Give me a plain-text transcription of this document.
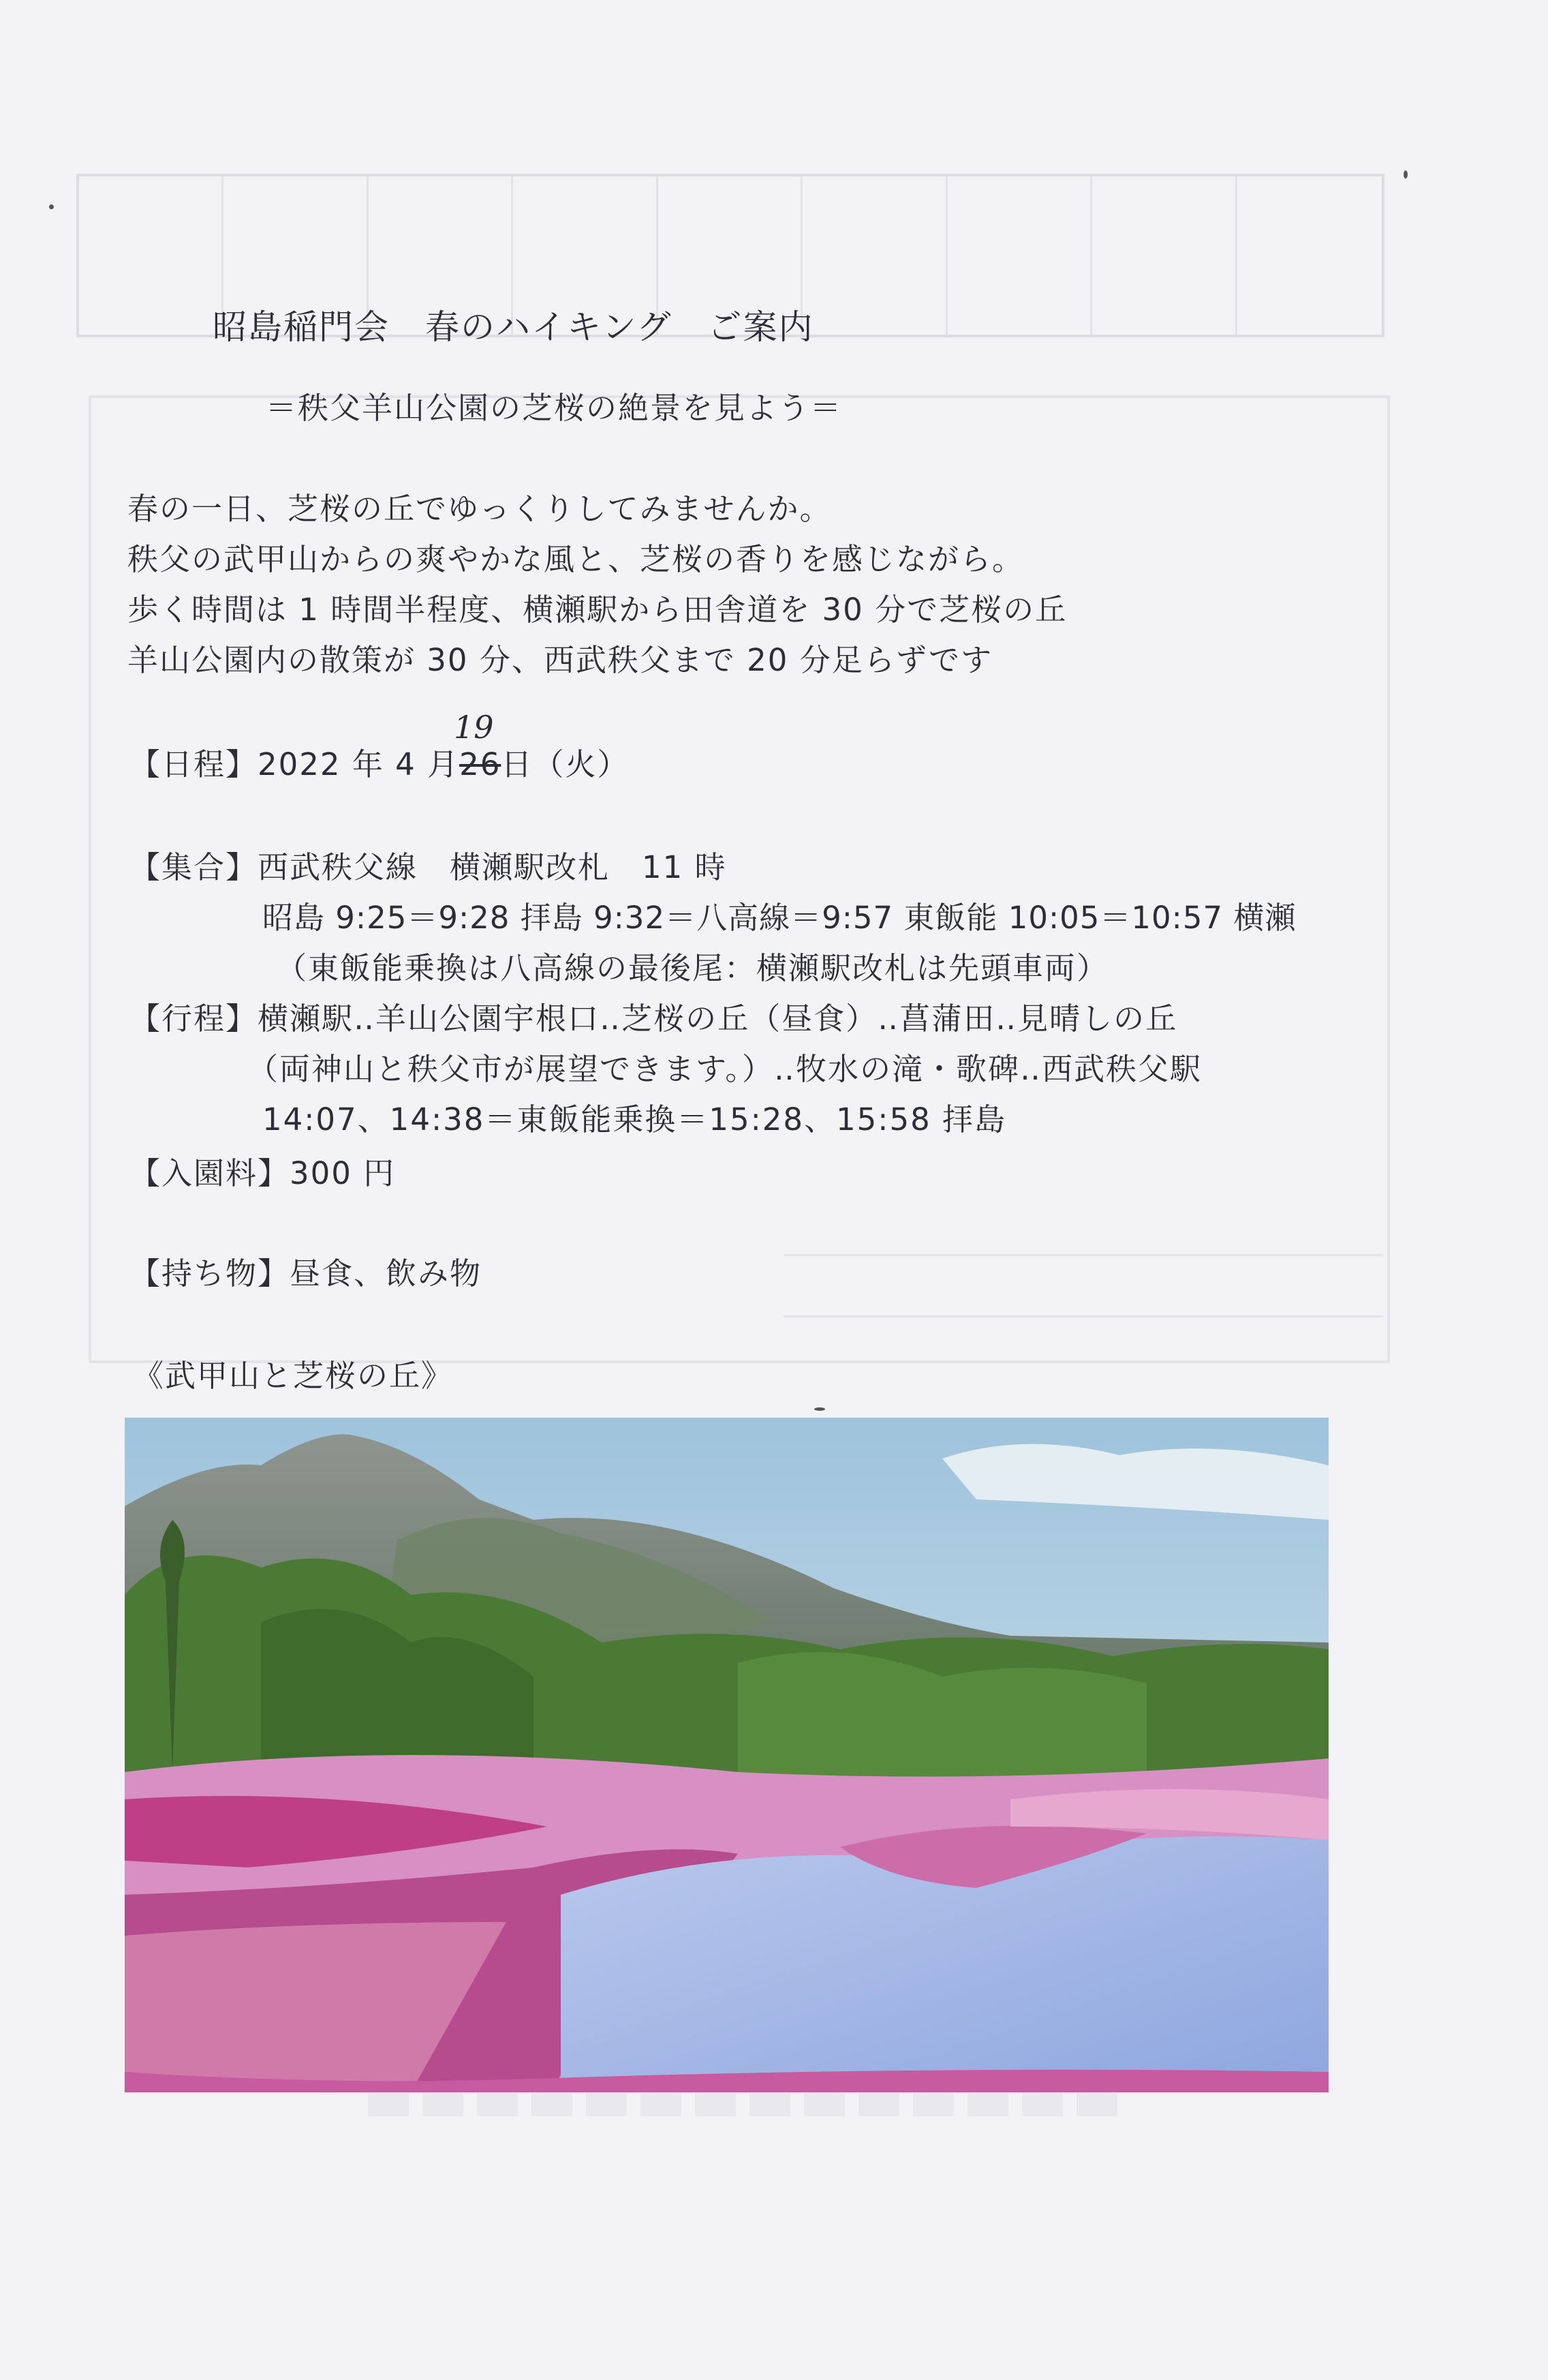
昭島稲門会　春のハイキング　ご案内
＝秩父羊山公園の芝桜の絶景を見よう＝
春の一日、芝桜の丘でゆっくりしてみませんか。
秩父の武甲山からの爽やかな風と、芝桜の香りを感じながら。
歩く時間は 1 時間半程度、横瀬駅から田舎道を 30 分で芝桜の丘
羊山公園内の散策が 30 分、西武秩父まで 20 分足らずです
【日程】2022 年 4 月26日（火）
19
【集合】西武秩父線　横瀬駅改札　11 時
昭島 9:25＝9:28 拝島 9:32＝八高線＝9:57 東飯能 10:05＝10:57 横瀬
（東飯能乗換は八高線の最後尾：横瀬駅改札は先頭車両）
【行程】横瀬駅‥羊山公園宇根口‥芝桜の丘（昼食）‥菖蒲田‥見晴しの丘
（両神山と秩父市が展望できます。）‥牧水の滝・歌碑‥西武秩父駅
14:07、14:38＝東飯能乗換＝15:28、15:58 拝島
【入園料】300 円
【持ち物】昼食、飲み物
《武甲山と芝桜の丘》
